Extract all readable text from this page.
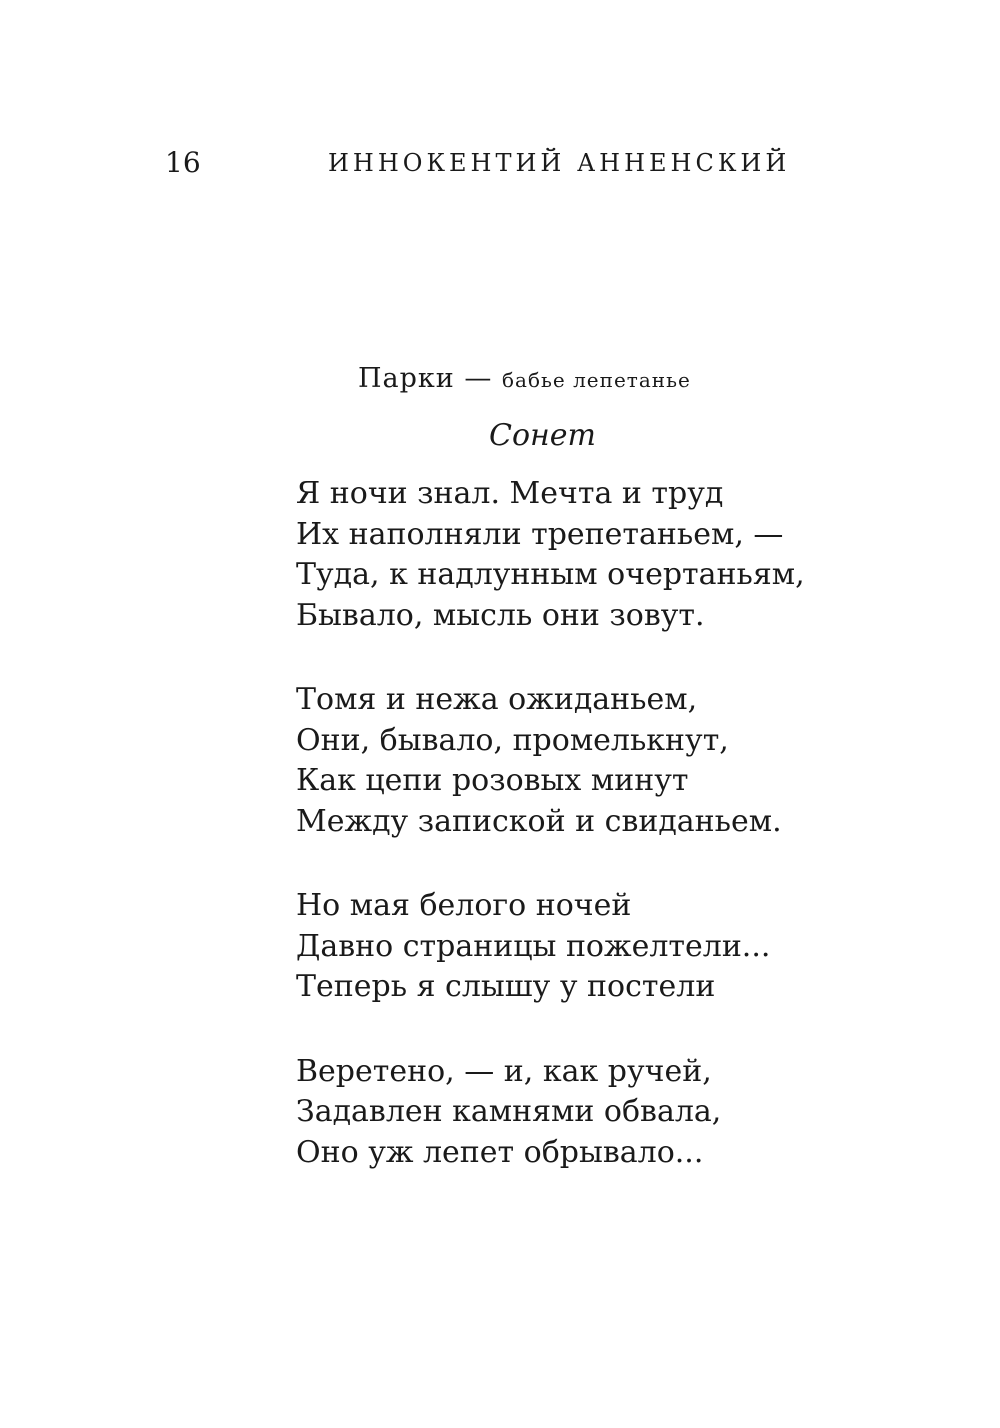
16	ИННОКЕНТИЙ АННЕНСКИЙ
Парки — бабье лепетанье
Сонет
Я ночи знал. Мечта и труд
Их наполняли трепетаньем, —
Туда, к надлунным очертаньям,
Бывало, мысль они зовут.
Томя и нежа ожиданьем,
Они, бывало, промелькнут,
Как цепи розовых минут
Между запиской и свиданьем.
Но мая белого ночей
Давно страницы пожелтели...
Теперь я слышу у постели
Веретено, — и, как ручей,
Задавлен камнями обвала,
Оно уж лепет обрывало...
